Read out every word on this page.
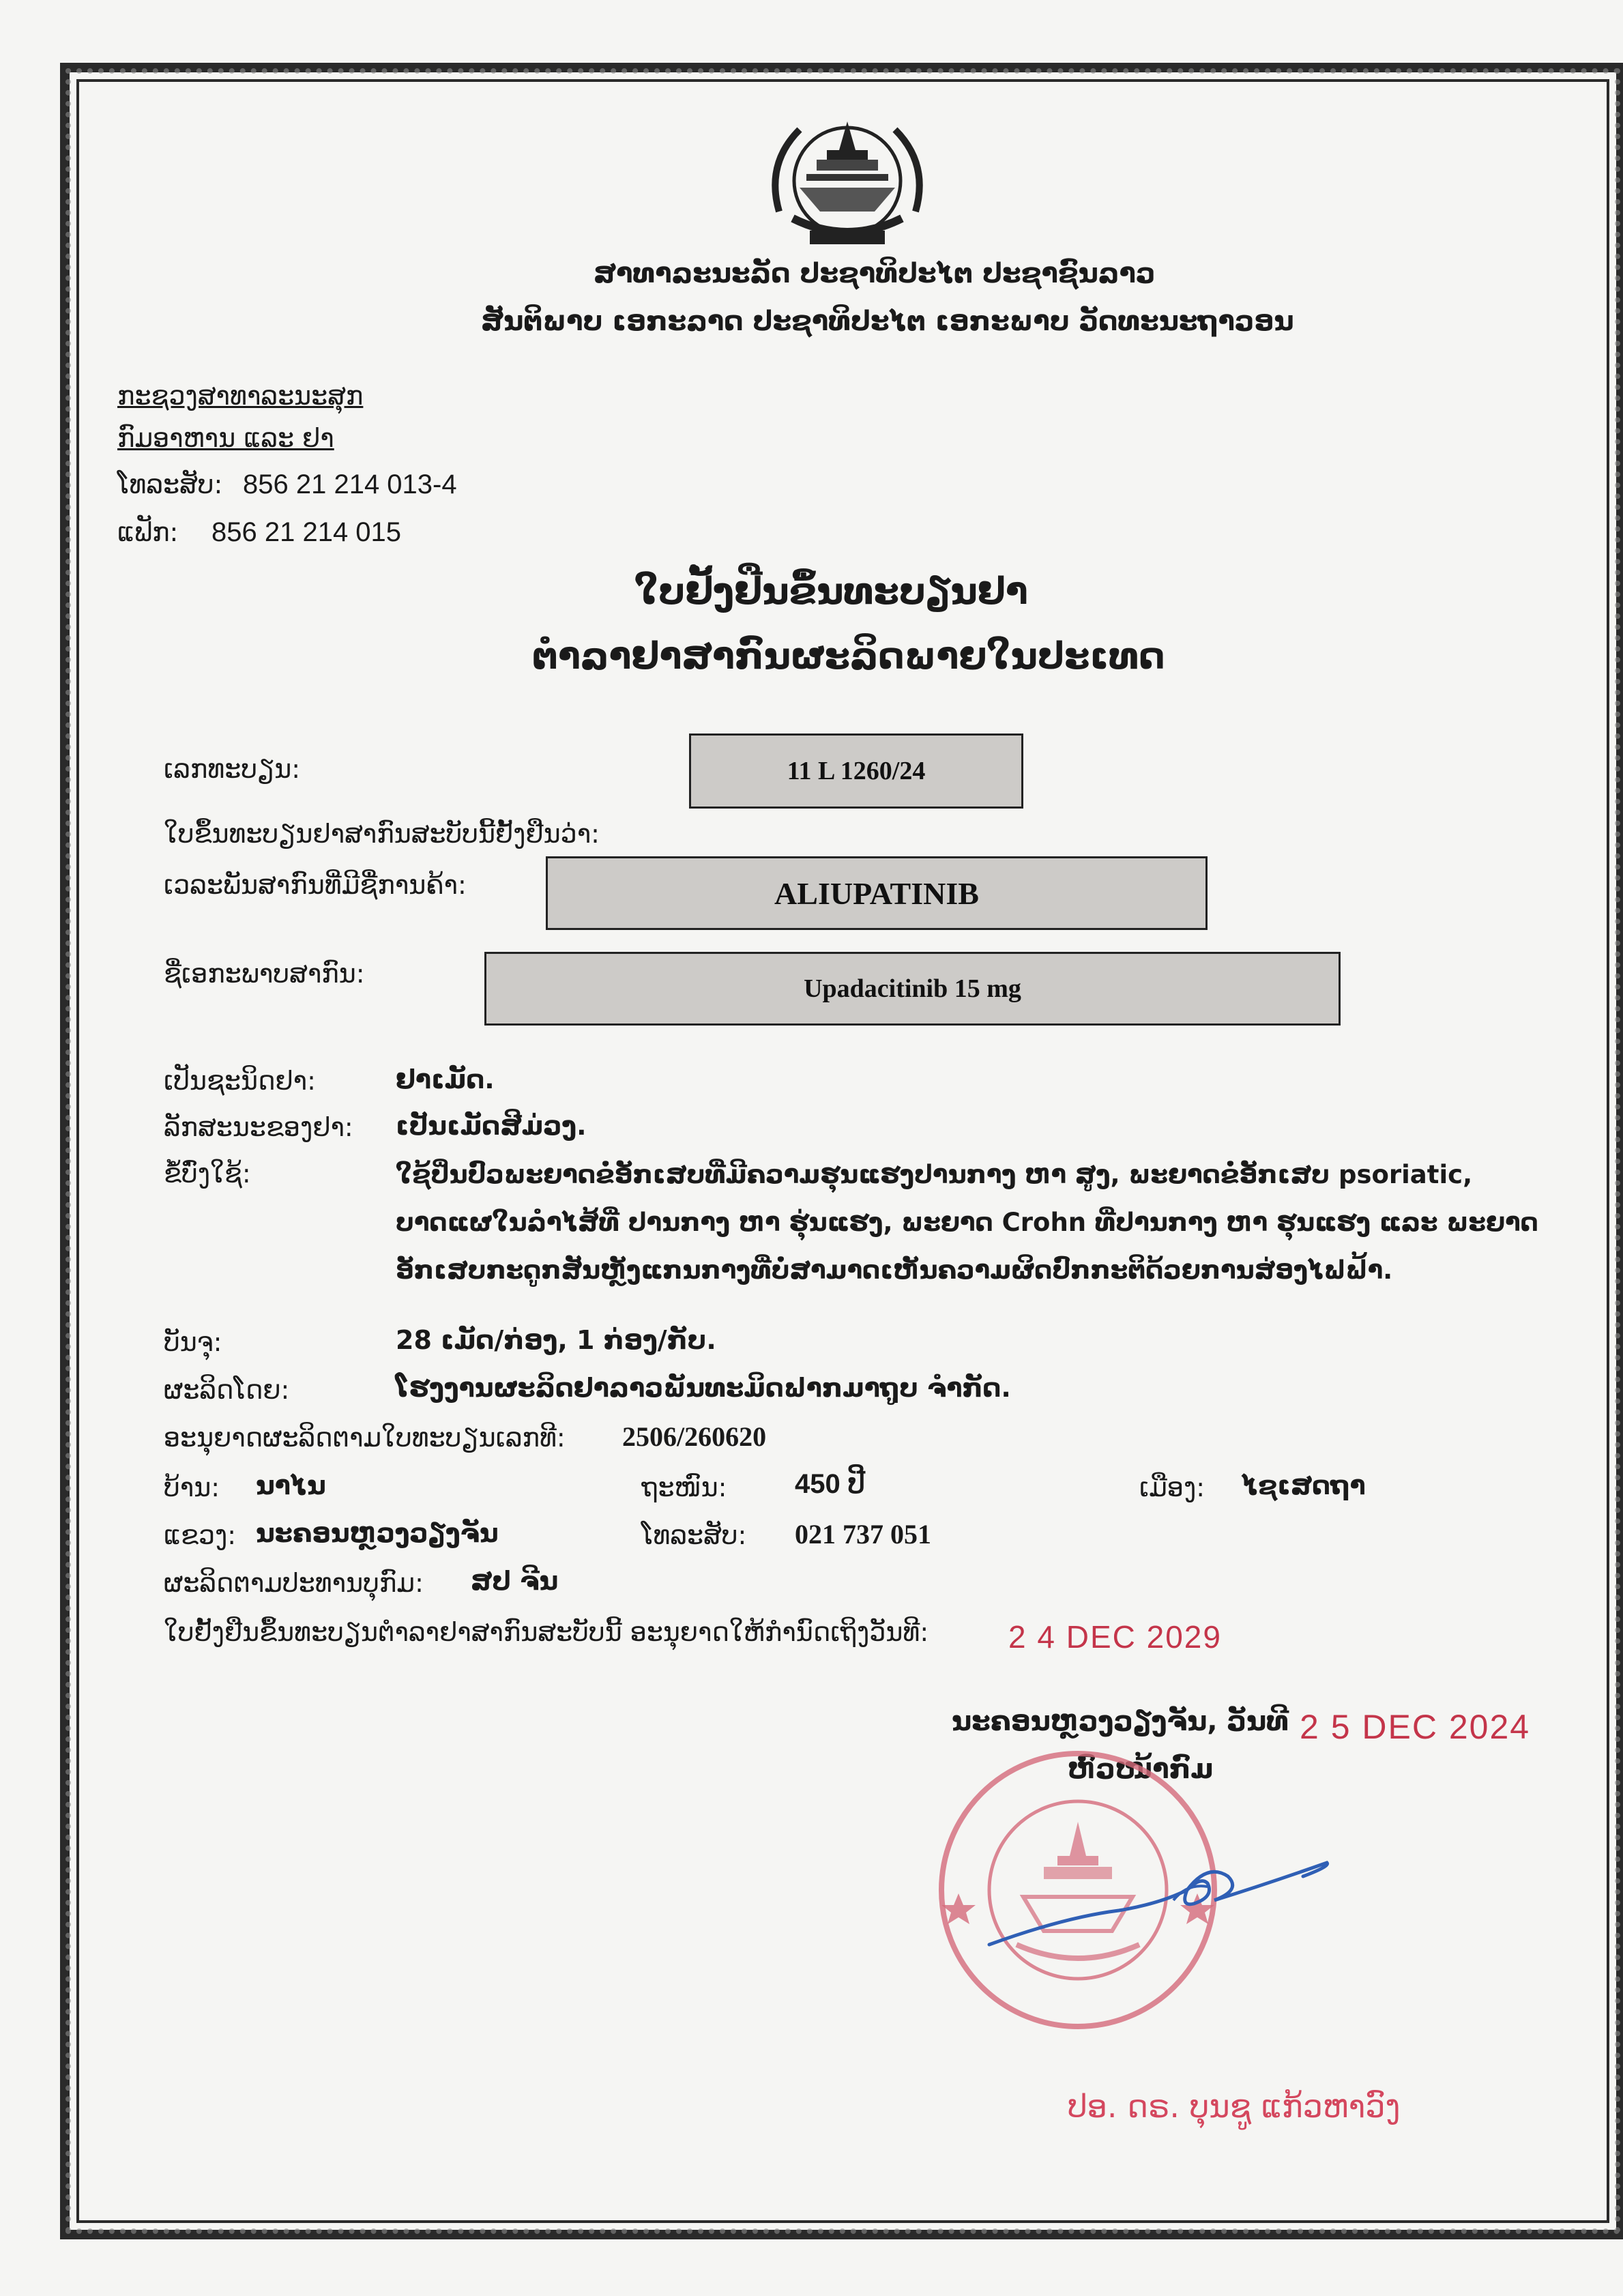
ສາທາລະນະລັດ ປະຊາທິປະໄຕ ປະຊາຊົນລາວ
ສັນຕິພາບ ເອກະລາດ ປະຊາທິປະໄຕ ເອກະພາບ ວັດທະນະຖາວອນ
ກະຊວງສາທາລະນະສຸກ
ກົມອາຫານ ແລະ ຢາ
ໂທລະສັບ: 856 21 214 013-4
ແຟັກ: 856 21 214 015
ໃບຢັ້ງຢືນຂຶ້ນທະບຽນຢາ
ຕຳລາຢາສາກົນຜະລິດພາຍໃນປະເທດ
ເລກທະບຽນ:	11 L 1260/24
ໃບຂຶ້ນທະບຽນຢາສາກົນສະບັບນີ້ຢັ້ງຢືນວ່າ:
ເວລະພັນສາກົນທີ່ມີຊື່ການຄ້າ:	ALIUPATINIB
ຊື່ເອກະພາບສາກົນ:	Upadacitinib 15 mg
ເປັນຊະນິດຢາ:	ຢາເມັດ.
ລັກສະນະຂອງຢາ: ເປັນເມັດສີມ່ວງ.
ຂໍ້ບົ່ງໃຊ້:	ໃຊ້ປິ່ນປົວພະຍາດຂໍ່ອັກເສບທີ່ມີຄວາມຮຸນແຮງປານກາງ ຫາ ສູງ, ພະຍາດຂໍ່ອັກເສບ psoriatic,
ບາດແຜໃນລຳໄສ້ທີ່ ປານກາງ ຫາ ຮຸ່ນແຮງ, ພະຍາດ Crohn ທີ່ປານກາງ ຫາ ຮຸນແຮງ ແລະ ພະຍາດ
ອັກເສບກະດູກສັນຫຼັງແກນກາງທີ່ບໍ່ສາມາດເຫັນຄວາມຜິດປົກກະຕິດ້ວຍການສ່ອງໄຟຟ້າ.
ບັນຈຸ:	28 ເມັດ/ກ່ອງ, 1 ກ່ອງ/ກັບ.
ຜະລິດໂດຍ:	ໂຮງງານຜະລິດຢາລາວພັນທະມິດຟາກມາຖູບ ຈຳກັດ.
ອະນຸຍາດຜະລິດຕາມໃບທະບຽນເລກທີ: 2506/260620
ບ້ານ: ນາໄນ	ຖະໜົນ: 450 ປີ	ເມືອງ: ໄຊເສດຖາ
ແຂວງ: ນະຄອນຫຼວງວຽງຈັນ	ໂທລະສັບ: 021 737 051
ຜະລິດຕາມປະທານບຸກົມ: ສປ ຈີນ
ໃບຢັ້ງຢືນຂຶ້ນທະບຽນຕຳລາຢາສາກົນສະບັບນີ້ ອະນຸຍາດໃຫ້ກຳນົດເຖິງວັນທີ:	2 4 DEC 2029
ນະຄອນຫຼວງວຽງຈັນ, ວັນທີ 2 5 DEC 2024
ຫົວໜ້າກົມ
ປອ. ດຣ. ບຸນຊູ ແກ້ວຫາວົງ
